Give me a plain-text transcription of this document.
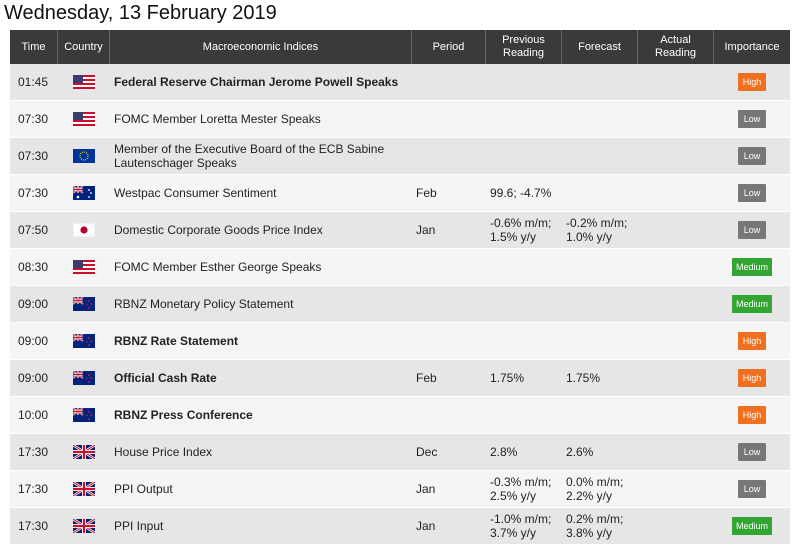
Wednesday, 13 February 2019
Time	Country	Macroeconomic Indices	Period	Previous Reading	Forecast	Actual Reading	Importance
01:45		Federal Reserve Chairman Jerome Powell Speaks					High
07:30		FOMC Member Loretta Mester Speaks					Low
07:30		Member of the Executive Board of the ECB Sabine Lautenschager Speaks					Low
07:30		Westpac Consumer Sentiment	Feb	99.6; -4.7%			Low
07:50		Domestic Corporate Goods Price Index	Jan	-0.6% m/m; 1.5% y/y	-0.2% m/m; 1.0% y/y		Low
08:30		FOMC Member Esther George Speaks					Medium
09:00		RBNZ Monetary Policy Statement					Medium
09:00		RBNZ Rate Statement					High
09:00		Official Cash Rate	Feb	1.75%	1.75%		High
10:00		RBNZ Press Conference					High
17:30		House Price Index	Dec	2.8%	2.6%		Low
17:30		PPI Output	Jan	-0.3% m/m; 2.5% y/y	0.0% m/m; 2.2% y/y		Low
17:30		PPI Input	Jan	-1.0% m/m; 3.7% y/y	0.2% m/m; 3.8% y/y		Medium
